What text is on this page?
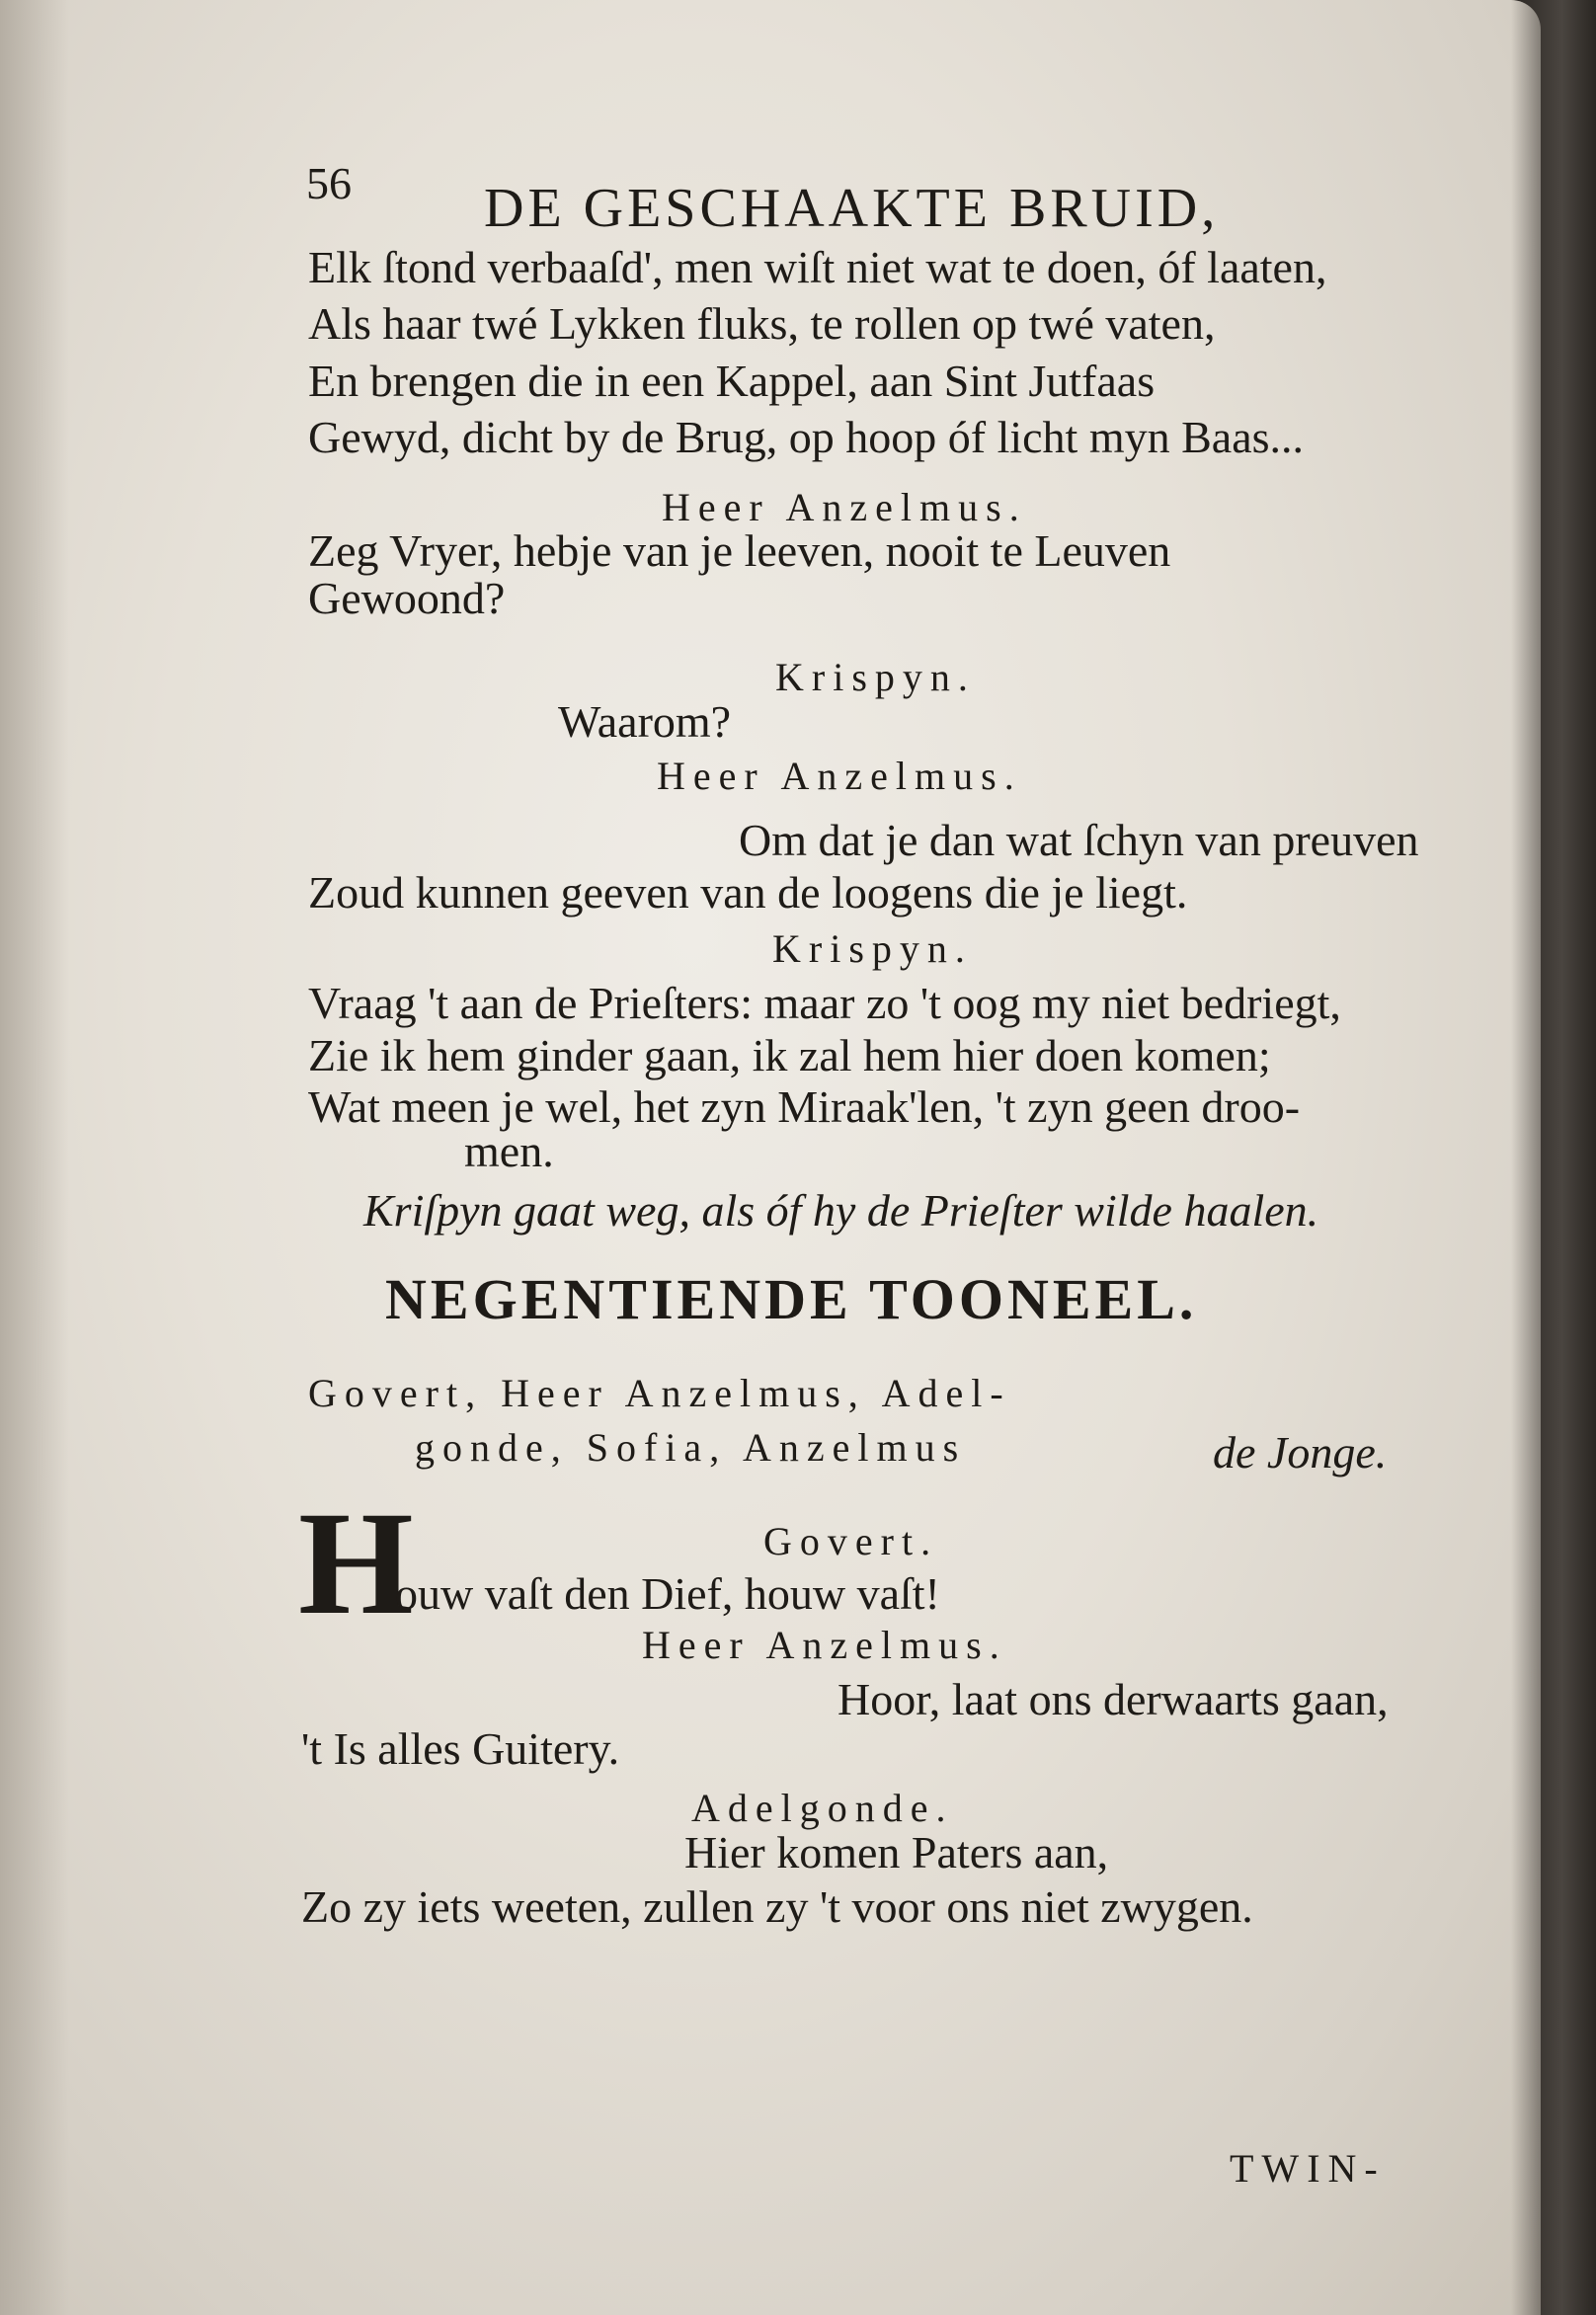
56 DE GESCHAAKTE BRUID,
Elk ſtond verbaaſd', men wiſt niet wat te doen, óf laaten,
Als haar twé Lykken fluks, te rollen op twé vaten,
En brengen die in een Kappel, aan Sint Jutfaas
Gewyd, dicht by de Brug, op hoop óf licht myn Baas...
Heer Anzelmus.
Zeg Vryer, hebje van je leeven, nooit te Leuven
Gewoond?
Krispyn.
Waarom?
Heer Anzelmus.
Om dat je dan wat ſchyn van preuven
Zoud kunnen geeven van de loogens die je liegt.
Krispyn.
Vraag 't aan de Prieſters: maar zo 't oog my niet bedriegt,
Zie ik hem ginder gaan, ik zal hem hier doen komen;
Wat meen je wel, het zyn Miraak'len, 't zyn geen droo-
men.
Kriſpyn gaat weg, als óf hy de Prieſter wilde haalen.
NEGENTIENDE TOONEEL.
Govert, Heer Anzelmus, Adel-
gonde, Sofia, Anzelmus	de Jonge.
Govert.
H
ouw vaſt den Dief, houw vaſt!
Heer Anzelmus.
Hoor, laat ons derwaarts gaan,
't Is alles Guitery.
Adelgonde.
Hier komen Paters aan,
Zo zy iets weeten, zullen zy 't voor ons niet zwygen.
TWIN-
